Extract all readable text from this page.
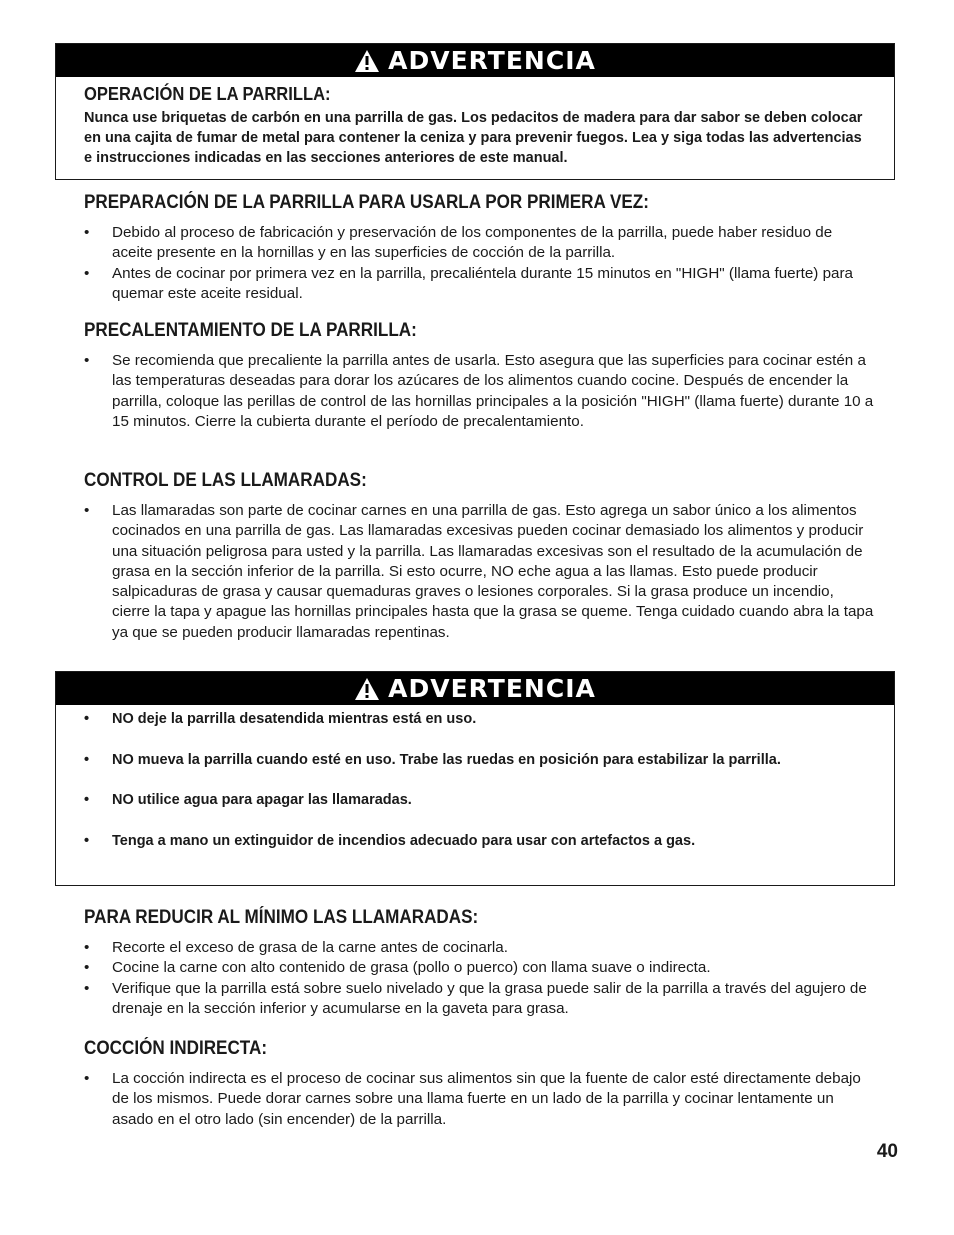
ADVERTENCIA
OPERACIÓN DE LA PARRILLA:

Nunca use briquetas de carbón en una parrilla de gas. Los pedacitos de madera para dar sabor se deben colocar en una cajita de fumar de metal para contener la ceniza y para prevenir fuegos. Lea y siga todas las advertencias e instrucciones indicadas en las secciones anteriores de este manual.

PREPARACIÓN DE LA PARRILLA PARA USARLA POR PRIMERA VEZ:
• Debido al proceso de fabricación y preservación de los componentes de la parrilla, puede haber residuo de aceite presente en la hornillas y en las superficies de cocción de la parrilla.
• Antes de cocinar por primera vez en la parrilla, precaliéntela durante 15 minutos en "HIGH" (llama fuerte) para quemar este aceite residual.
PRECALENTAMIENTO DE LA PARRILLA:
• Se recomienda que precaliente la parrilla antes de usarla. Esto asegura que las superficies para cocinar estén a las temperaturas deseadas para dorar los azúcares de los alimentos cuando cocine. Después de encender la parrilla, coloque las perillas de control de las hornillas principales a la posición "HIGH" (llama fuerte) durante 10 a 15 minutos. Cierre la cubierta durante el período de precalentamiento.
CONTROL DE LAS LLAMARADAS:
• Las llamaradas son parte de cocinar carnes en una parrilla de gas. Esto agrega un sabor único a los alimentos cocinados en una parrilla de gas. Las llamaradas excesivas pueden cocinar demasiado los alimentos y producir una situación peligrosa para usted y la parrilla. Las llamaradas excesivas son el resultado de la acumulación de grasa en la sección inferior de la parrilla. Si esto ocurre, NO eche agua a las llamas. Esto puede producir salpicaduras de grasa y causar quemaduras graves o lesiones corporales. Si la grasa produce un incendio, cierre la tapa y apague las hornillas principales hasta que la grasa se queme. Tenga cuidado cuando abra la tapa ya que se pueden producir llamaradas repentinas.
ADVERTENCIA
• NO deje la parrilla desatendida mientras está en uso.
• NO mueva la parrilla cuando esté en uso. Trabe las ruedas en posición para estabilizar la parrilla.
• NO utilice agua para apagar las llamaradas.
• Tenga a mano un extinguidor de incendios adecuado para usar con artefactos a gas.
PARA REDUCIR AL MÍNIMO LAS LLAMARADAS:
• Recorte el exceso de grasa de la carne antes de cocinarla.
• Cocine la carne con alto contenido de grasa (pollo o puerco) con llama suave o indirecta.
• Verifique que la parrilla está sobre suelo nivelado y que la grasa puede salir de la parrilla a través del agujero de drenaje en la sección inferior y acumularse en la gaveta para grasa.
COCCIÓN INDIRECTA:
• La cocción indirecta es el proceso de cocinar sus alimentos sin que la fuente de calor esté directamente debajo de los mismos. Puede dorar carnes sobre una llama fuerte en un lado de la parrilla y cocinar lentamente un asado en el otro lado (sin encender) de la parrilla.
40
